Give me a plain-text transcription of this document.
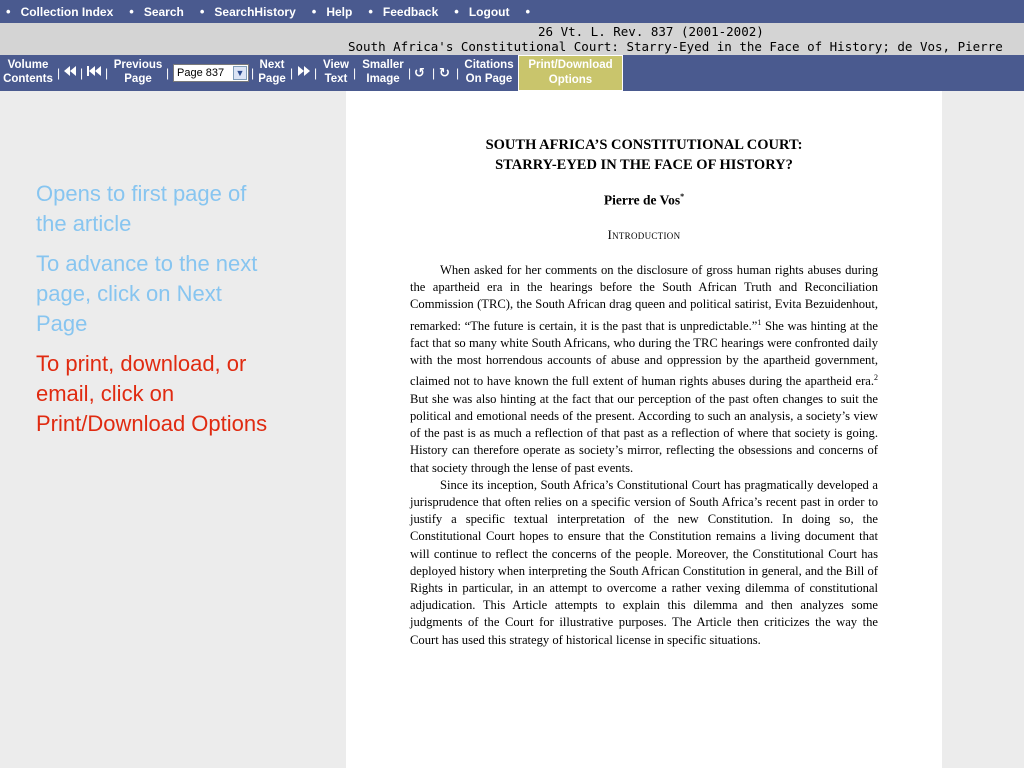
• Collection Index • Search • SearchHistory • Help • Feedback • Logout •
26 Vt. L. Rev. 837 (2001-2002)
South Africa's Constitutional Court: Starry-Eyed in the Face of History; de Vos, Pierre
Volume
Contents | | |
Previous
Page	| Page 837 ▼ |
Next
Page | |
View
Text |
Smaller
Image | ↺ | ↻ |
Citations
On Page
Print/Download
Options
Opens to first page of the article
To advance to the next page, click on Next Page
To print, download, or email, click on Print/Download Options
SOUTH AFRICA’S CONSTITUTIONAL COURT:
STARRY-EYED IN THE FACE OF HISTORY?
Pierre de Vos*
Introduction

When asked for her comments on the disclosure of gross human rights abuses during the apartheid era in the hearings before the South African Truth and Reconciliation Commission (TRC), the South African drag queen and political satirist, Evita Bezuidenhout, remarked: “The future is certain, it is the past that is unpredictable.”$^1$ She was hinting at the fact that so many white South Africans, who during the TRC hearings were confronted daily with the most horrendous accounts of abuse and oppression by the apartheid government, claimed not to have known the full extent of human rights abuses during the apartheid era.$^2$ But she was also hinting at the fact that our perception of the past often changes to suit the political and emotional needs of the present. According to such an analysis, a society’s view of the past is as much a reflection of that past as a reflection of where that society is going. History can therefore operate as society’s mirror, reflecting the obsessions and concerns of that society through the lense of past events.

Since its inception, South Africa’s Constitutional Court has pragmatically developed a jurisprudence that often relies on a specific version of South Africa’s recent past in order to justify a specific textual interpretation of the new Constitution. In doing so, the Constitutional Court hopes to ensure that the Constitution remains a living document that will continue to reflect the concerns of the people. Moreover, the Constitutional Court has deployed history when interpreting the South African Constitution in general, and the Bill of Rights in particular, in an attempt to overcome a rather vexing dilemma of constitutional adjudication. This Article attempts to explain this dilemma and then analyzes some judgments of the Court for illustrative purposes. The Article then criticizes the way the Court has used this strategy of historical license in specific situations.
